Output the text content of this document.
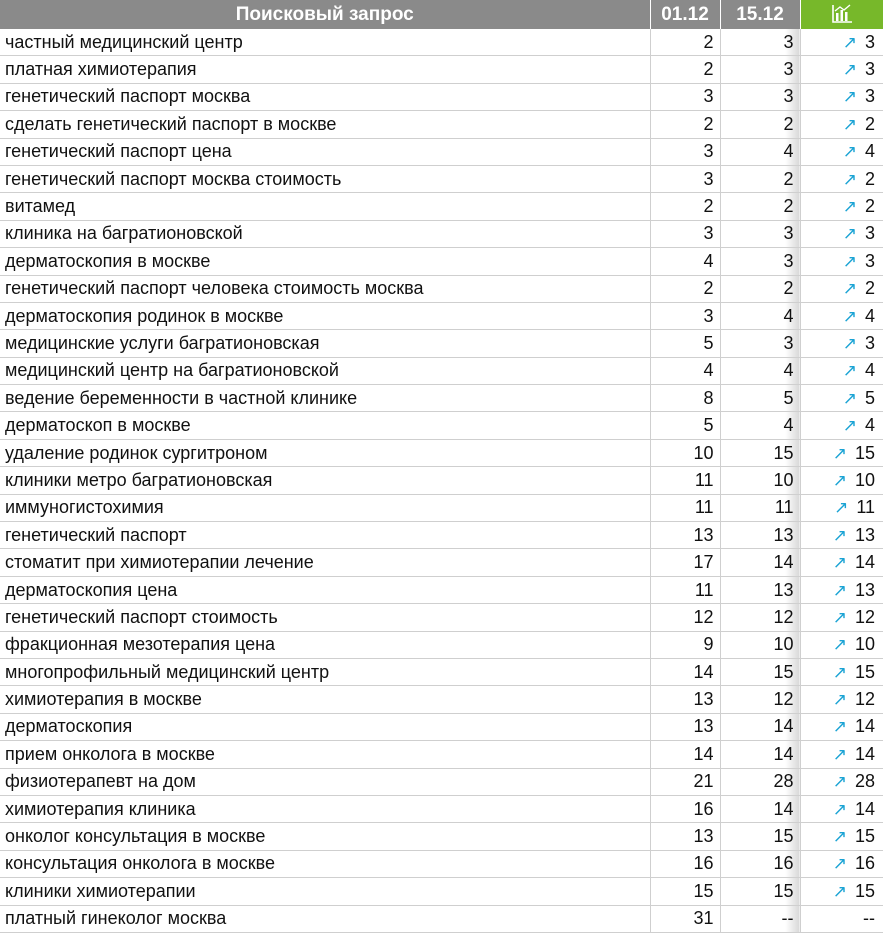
Поисковый запрос	01.12	15.12	
частный медицинский центр	2	3	↗ 3
платная химиотерапия	2	3	↗ 3
генетический паспорт москва	3	3	↗ 3
сделать генетический паспорт в москве	2	2	↗ 2
генетический паспорт цена	3	4	↗ 4
генетический паспорт москва стоимость	3	2	↗ 2
витамед	2	2	↗ 2
клиника на багратионовской	3	3	↗ 3
дерматоскопия в москве	4	3	↗ 3
генетический паспорт человека стоимость москва	2	2	↗ 2
дерматоскопия родинок в москве	3	4	↗ 4
медицинские услуги багратионовская	5	3	↗ 3
медицинский центр на багратионовской	4	4	↗ 4
ведение беременности в частной клинике	8	5	↗ 5
дерматоскоп в москве	5	4	↗ 4
удаление родинок сургитроном	10	15	↗ 15
клиники метро багратионовская	11	10	↗ 10
иммуногистохимия	11	11	↗ 11
генетический паспорт	13	13	↗ 13
стоматит при химиотерапии лечение	17	14	↗ 14
дерматоскопия цена	11	13	↗ 13
генетический паспорт стоимость	12	12	↗ 12
фракционная мезотерапия цена	9	10	↗ 10
многопрофильный медицинский центр	14	15	↗ 15
химиотерапия в москве	13	12	↗ 12
дерматоскопия	13	14	↗ 14
прием онколога в москве	14	14	↗ 14
физиотерапевт на дом	21	28	↗ 28
химиотерапия клиника	16	14	↗ 14
онколог консультация в москве	13	15	↗ 15
консультация онколога в москве	16	16	↗ 16
клиники химиотерапии	15	15	↗ 15
платный гинеколог москва	31	--	--
